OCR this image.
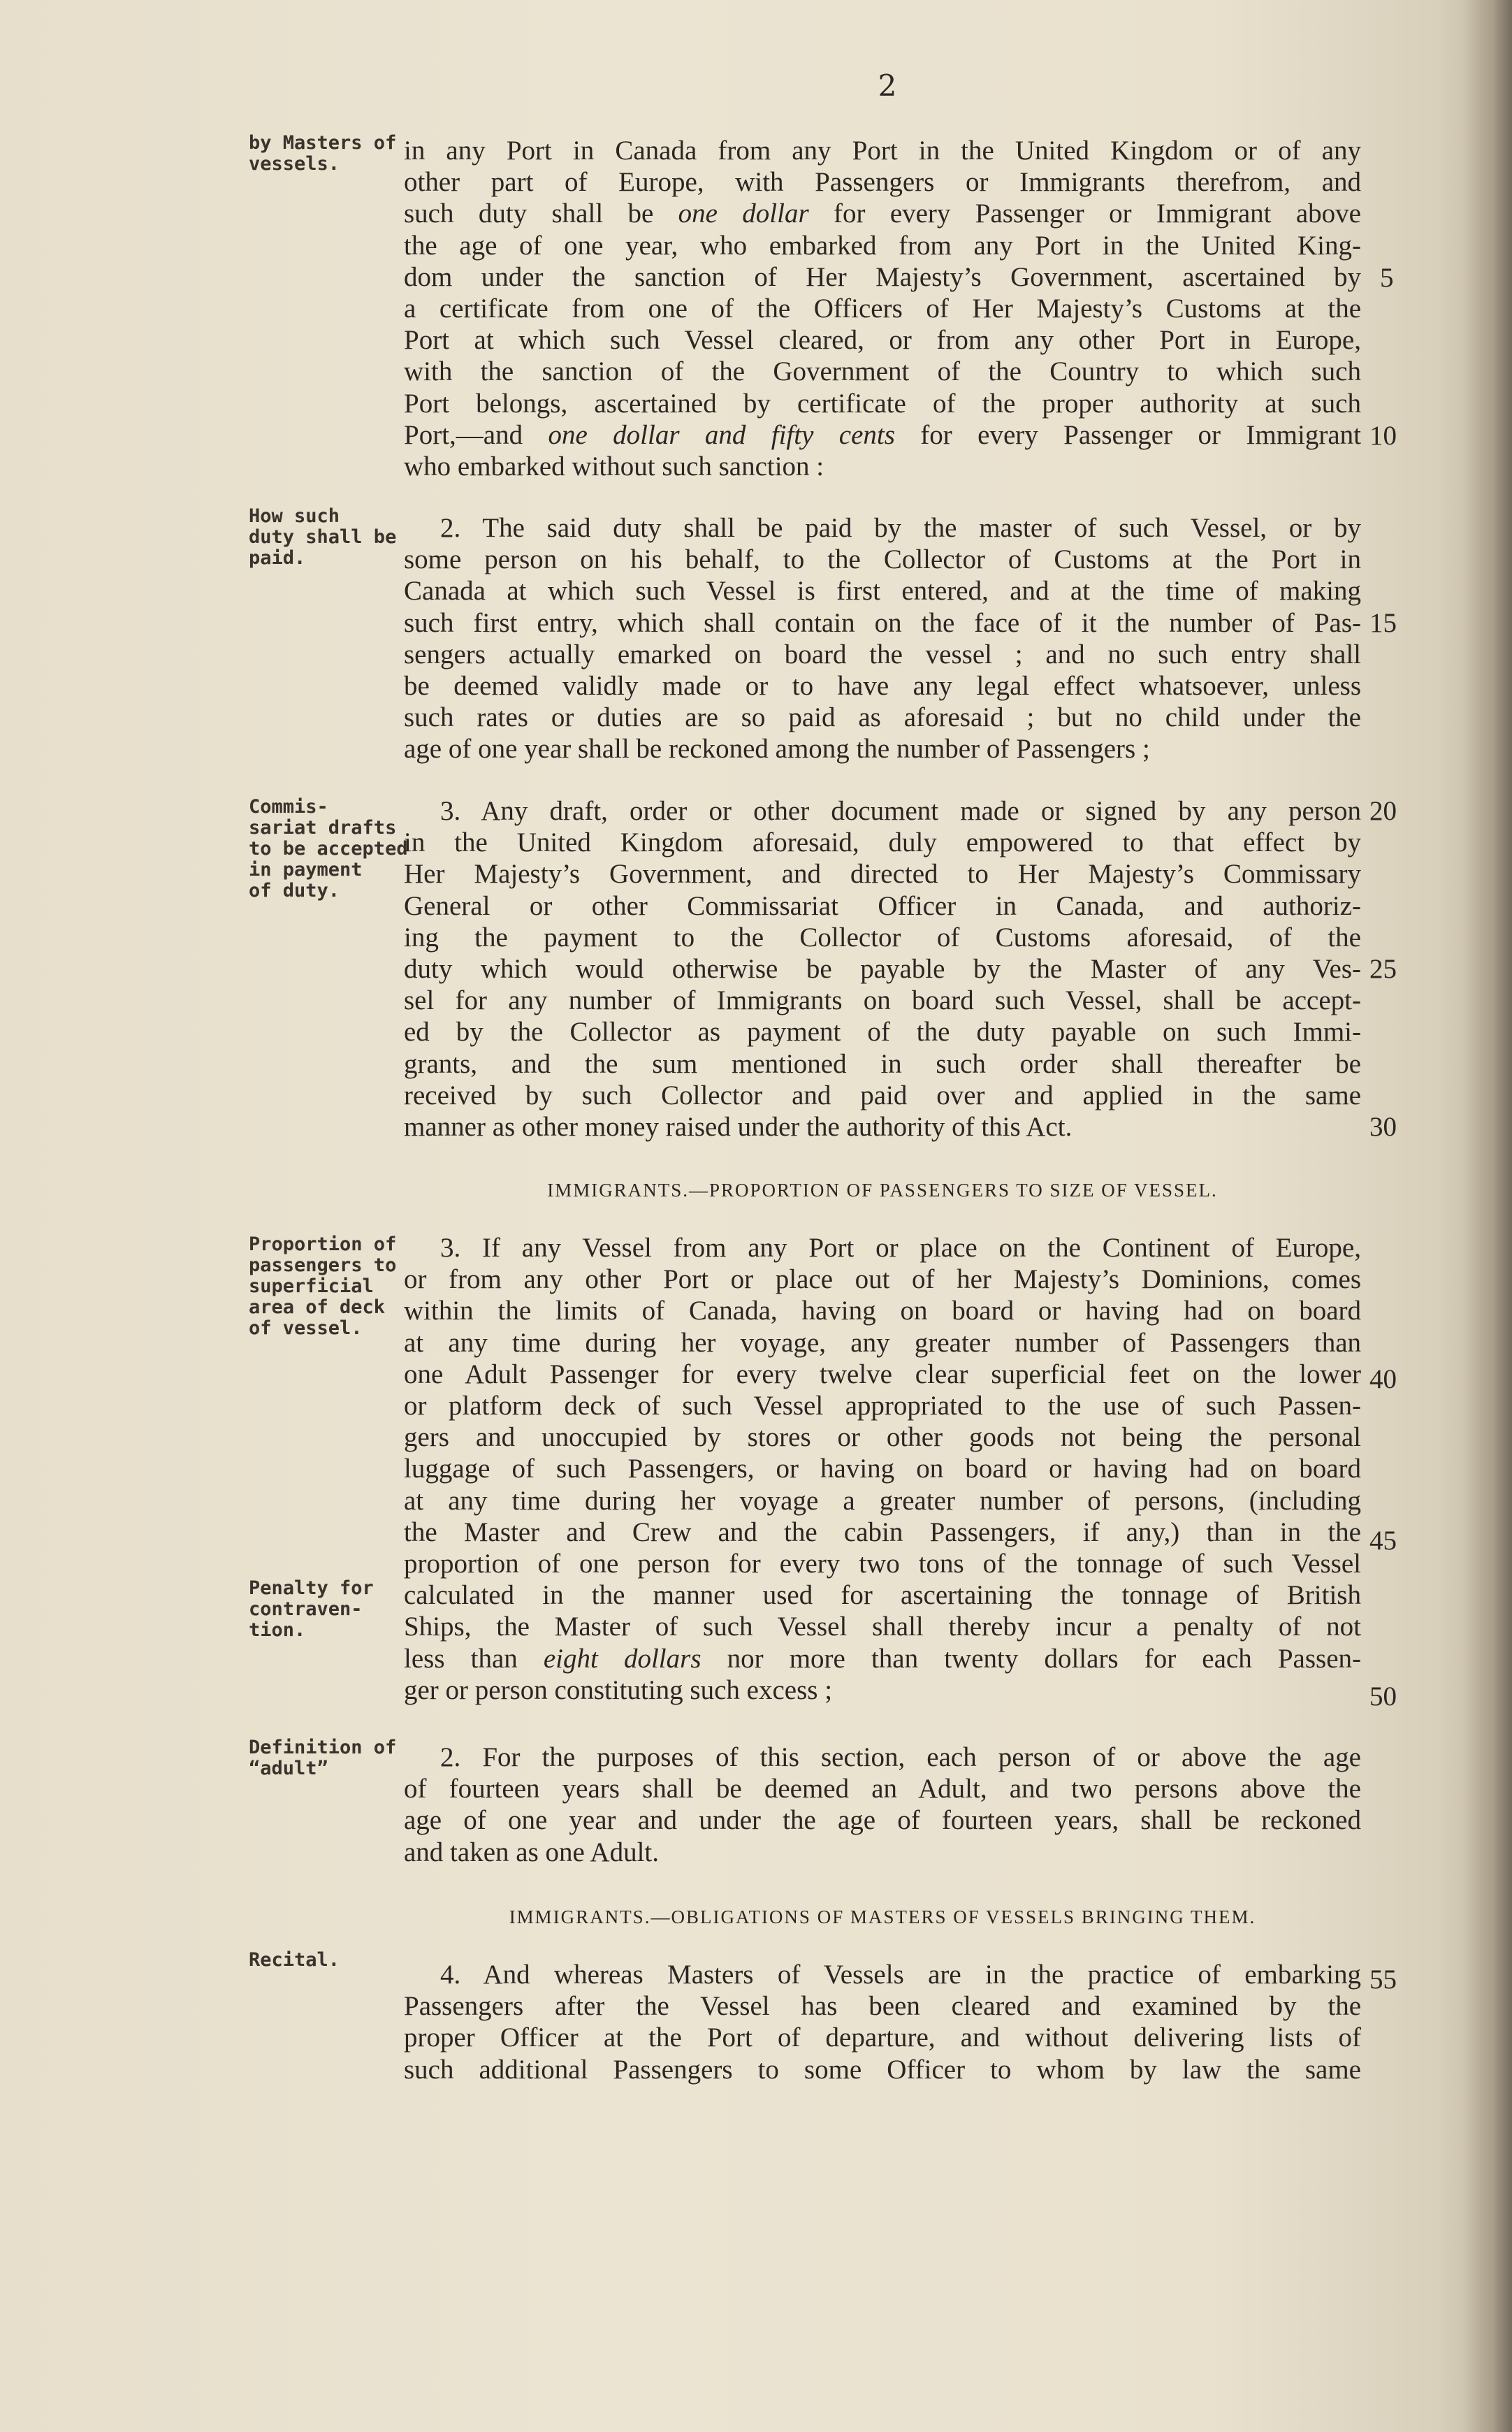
2
by Masters of
vessels.	in any Port in Canada from any Port in the United Kingdom or of any
other part of Europe, with Passengers or Immigrants therefrom, and
such duty shall be one dollar for every Passenger or Immigrant above
the age of one year, who embarked from any Port in the United King-
dom under the sanction of Her Majesty’s Government, ascertained by
a certificate from one of the Officers of Her Majesty’s Customs at the
Port at which such Vessel cleared, or from any other Port in Europe,
with the sanction of the Government of the Country to which such
Port belongs, ascertained by certificate of the proper authority at such
Port,—and one dollar and fifty cents for every Passenger or Immigrant
who embarked without such sanction :
5
10
How such
duty shall be
paid.
2. The said duty shall be paid by the master of such Vessel, or by
some person on his behalf, to the Collector of Customs at the Port in
Canada at which such Vessel is first entered, and at the time of making
such first entry, which shall contain on the face of it the number of Pas-
sengers actually emarked on board the vessel ; and no such entry shall
be deemed validly made or to have any legal effect whatsoever, unless
such rates or duties are so paid as aforesaid ; but no child under the
age of one year shall be reckoned among the number of Passengers ;
15
Commis-
sariat drafts
to be accepted
in payment
of duty.
3. Any draft, order or other document made or signed by any person
in the United Kingdom aforesaid, duly empowered to that effect by
Her Majesty’s Government, and directed to Her Majesty’s Commissary
General or other Commissariat Officer in Canada, and authoriz-
ing the payment to the Collector of Customs aforesaid, of the
duty which would otherwise be payable by the Master of any Ves-
sel for any number of Immigrants on board such Vessel, shall be accept-
ed by the Collector as payment of the duty payable on such Immi-
grants, and the sum mentioned in such order shall thereafter be
received by such Collector and paid over and applied in the same
manner as other money raised under the authority of this Act.
20
25
30
IMMIGRANTS.—PROPORTION OF PASSENGERS TO SIZE OF VESSEL.
Proportion of
passengers to
superficial
area of deck
of vessel.
3. If any Vessel from any Port or place on the Continent of Europe,
or from any other Port or place out of her Majesty’s Dominions, comes
within the limits of Canada, having on board or having had on board
at any time during her voyage, any greater number of Passengers than
one Adult Passenger for every twelve clear superficial feet on the lower
or platform deck of such Vessel appropriated to the use of such Passen-
gers and unoccupied by stores or other goods not being the personal
luggage of such Passengers, or having on board or having had on board
at any time during her voyage a greater number of persons, (including
the Master and Crew and the cabin Passengers, if any,) than in the
proportion of one person for every two tons of the tonnage of such Vessel
calculated in the manner used for ascertaining the tonnage of British
Ships, the Master of such Vessel shall thereby incur a penalty of not
less than eight dollars nor more than twenty dollars for each Passen-
ger or person constituting such excess ;
Penalty for
contraven-
tion.
40
45
50
Definition of
“adult”	2. For the purposes of this section, each person of or above the age
of fourteen years shall be deemed an Adult, and two persons above the
age of one year and under the age of fourteen years, shall be reckoned
and taken as one Adult.
IMMIGRANTS.—OBLIGATIONS OF MASTERS OF VESSELS BRINGING THEM.
Recital.	4. And whereas Masters of Vessels are in the practice of embarking
Passengers after the Vessel has been cleared and examined by the
proper Officer at the Port of departure, and without delivering lists of
such additional Passengers to some Officer to whom by law the same
55
